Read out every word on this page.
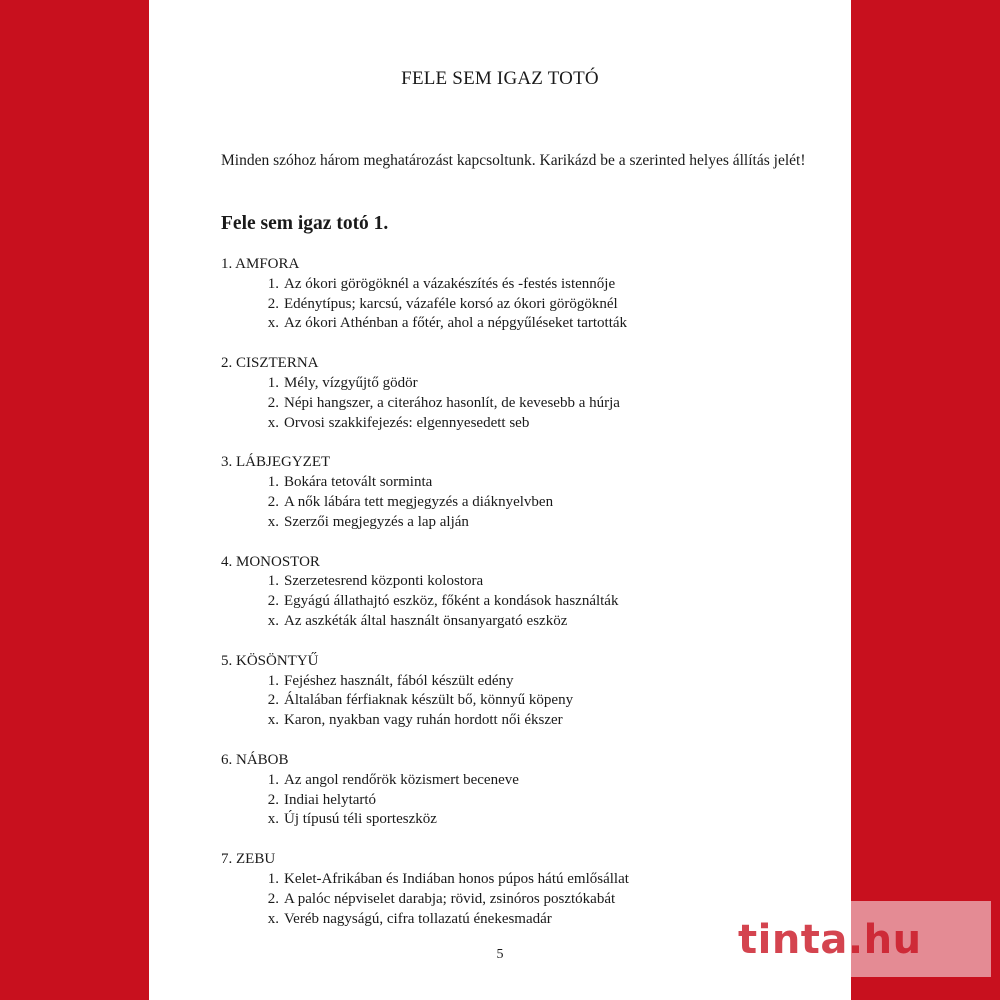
FELE SEM IGAZ TOTÓ
Minden szóhoz három meghatározást kapcsoltunk. Karikázd be a szerinted helyes állítás jelét!
Fele sem igaz totó 1.
1. AMFORA
1. Az ókori görögöknél a vázakészítés és -festés istennője
2. Edénytípus; karcsú, vázaféle korsó az ókori görögöknél
x. Az ókori Athénban a főtér, ahol a népgyűléseket tartották
2. CISZTERNA
1. Mély, vízgyűjtő gödör
2. Népi hangszer, a citerához hasonlít, de kevesebb a húrja
x. Orvosi szakkifejezés: elgennyesedett seb
3. LÁBJEGYZET
1. Bokára tetovált sorminta
2. A nők lábára tett megjegyzés a diáknyelvben
x. Szerzői megjegyzés a lap alján
4. MONOSTOR
1. Szerzetesrend központi kolostora
2. Egyágú állathajtó eszköz, főként a kondások használták
x. Az aszkéták által használt önsanyargató eszköz
5. KÖSÖNTYŰ
1. Fejéshez használt, fából készült edény
2. Általában férfiaknak készült bő, könnyű köpeny
x. Karon, nyakban vagy ruhán hordott női ékszer
6. NÁBOB
1. Az angol rendőrök közismert beceneve
2. Indiai helytartó
x. Új típusú téli sporteszköz
7. ZEBU
1. Kelet-Afrikában és Indiában honos púpos hátú emlősállat
2. A palóc népviselet darabja; rövid, zsinóros posztókabát
x. Veréb nagyságú, cifra tollazatú énekesmadár
5	tinta.hu
